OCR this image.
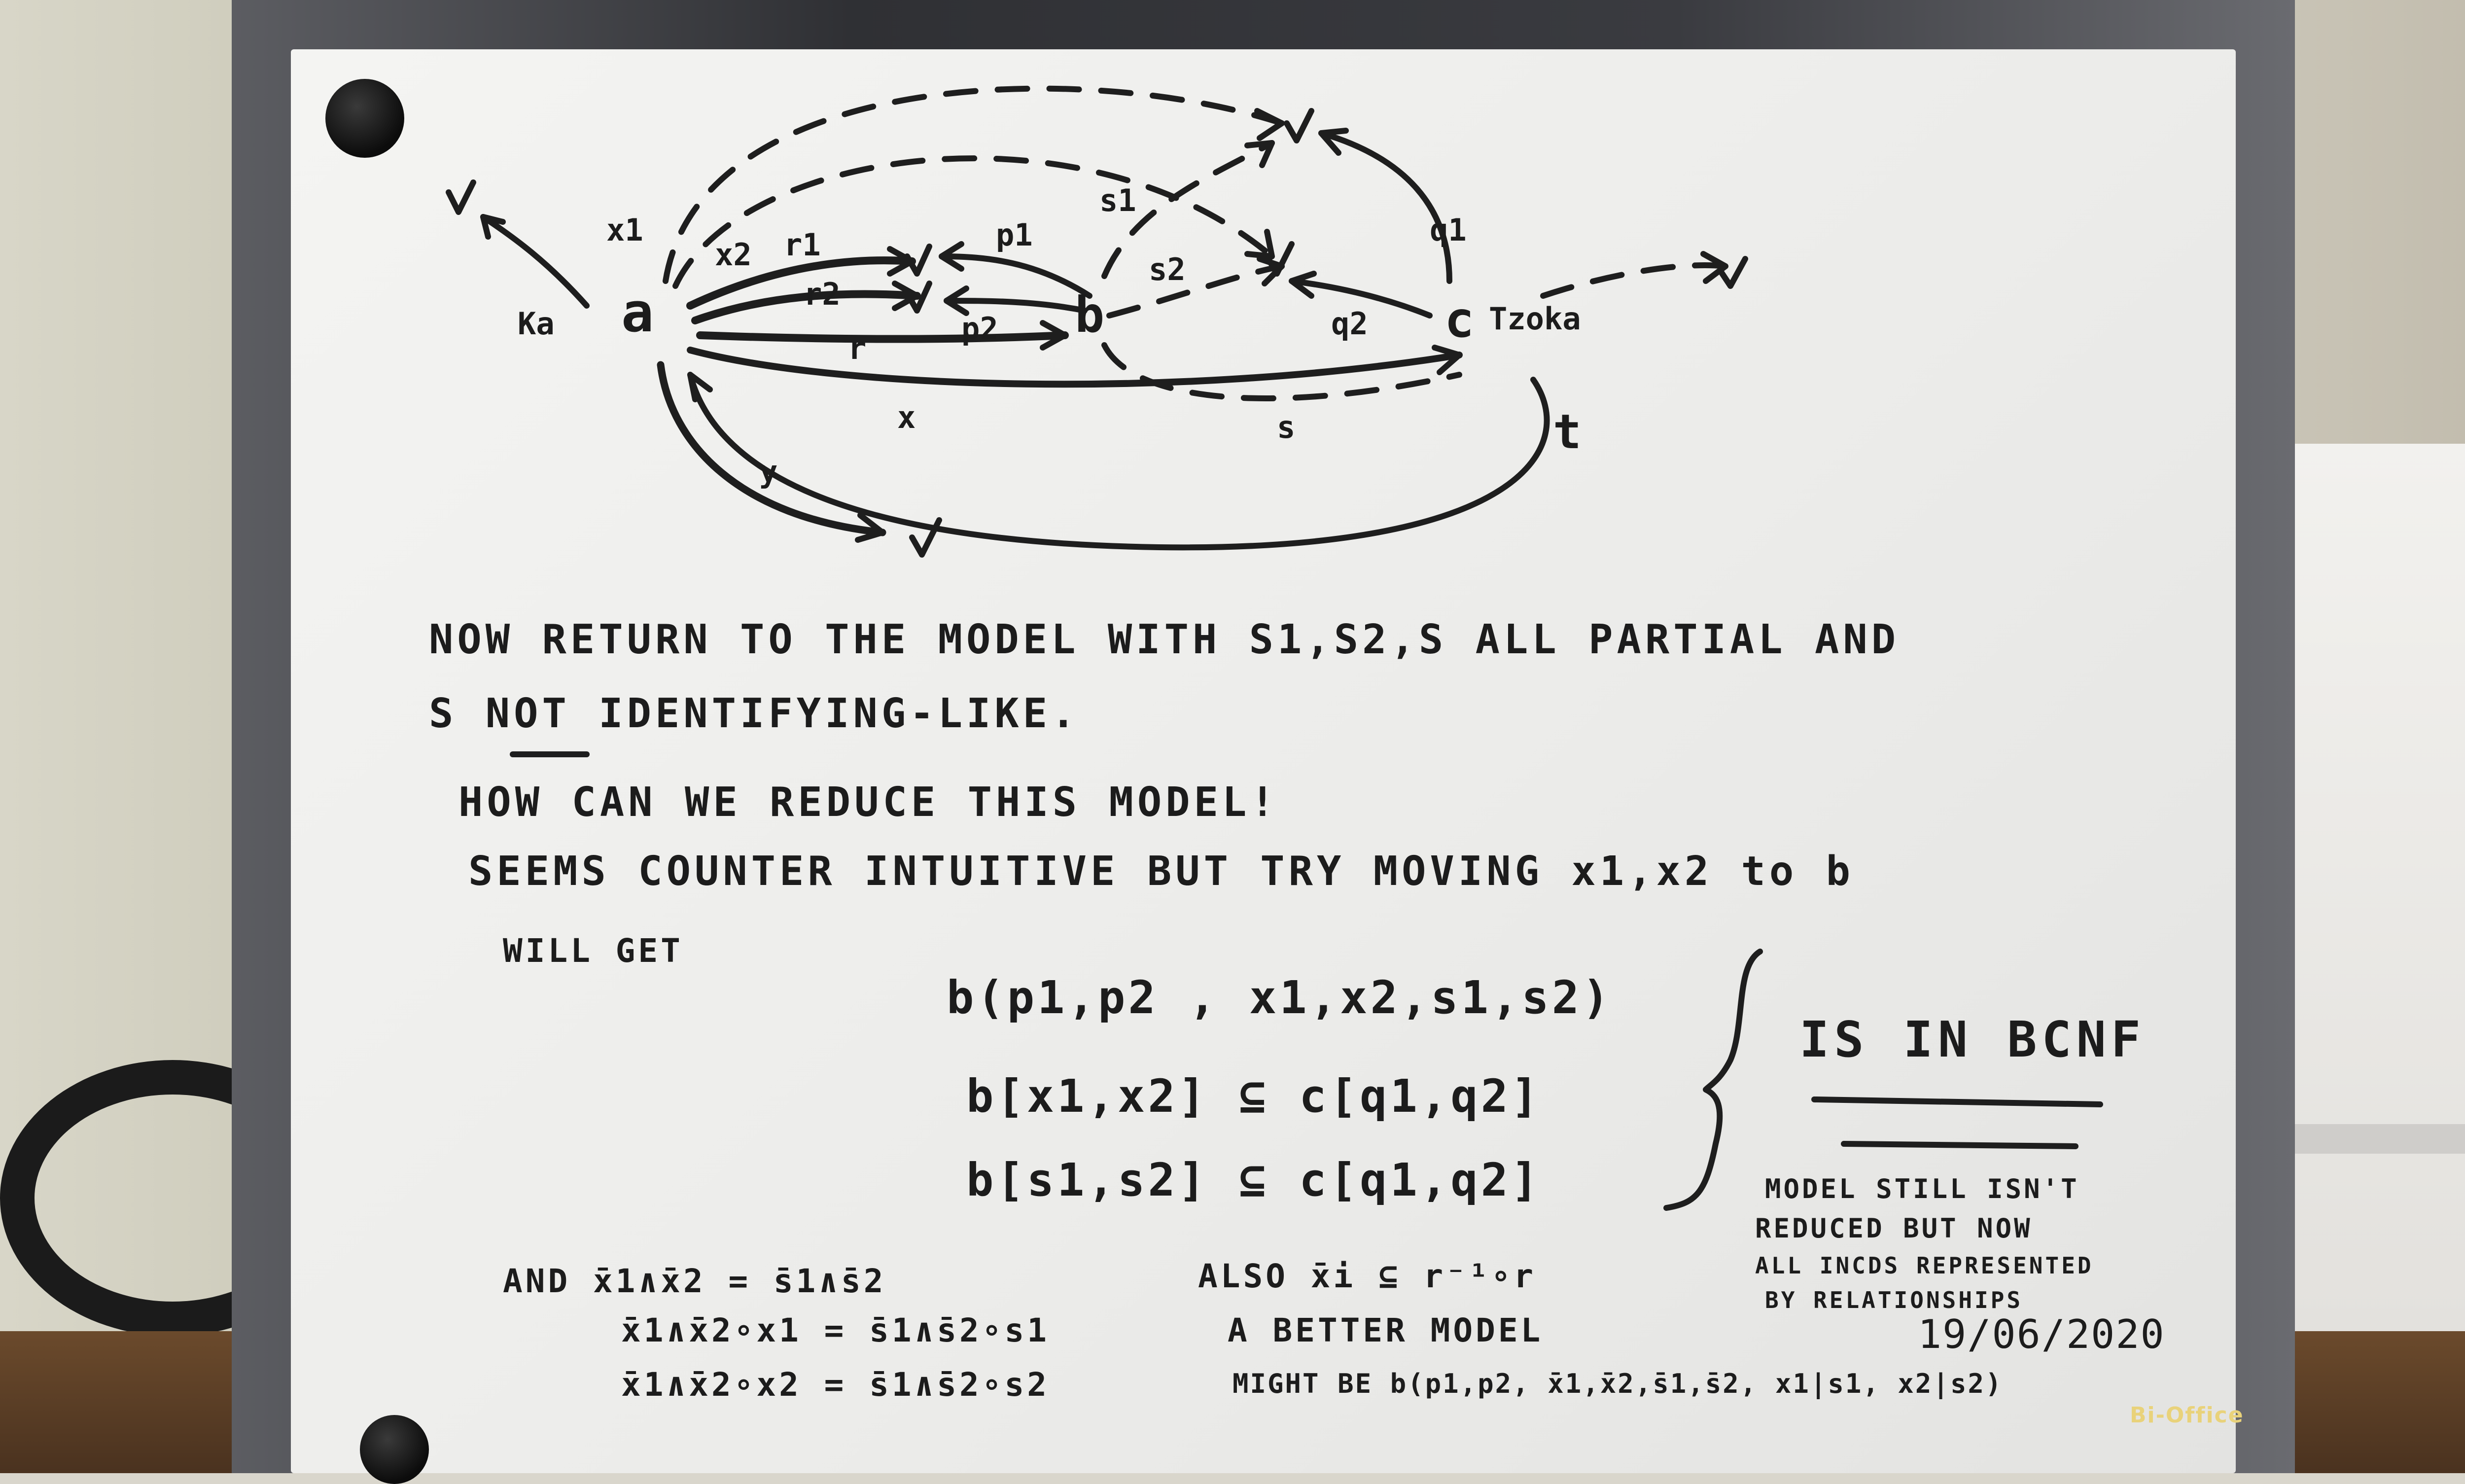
Bi-Office
Ka a
x1
x2 r1
r2
p1
p2
r
b
s1
s2
q1
q2 c Tzoka
x
y
s	t
NOW RETURN TO THE MODEL WITH S1,S2,S ALL PARTIAL AND
S NOT IDENTIFYING-LIKE.
HOW CAN WE REDUCE THIS MODEL!
SEEMS COUNTER INTUITIVE BUT TRY MOVING x1,x2 to b
WILL GET
b(p1,p2 , x1,x2,s1,s2)
b[x1,x2] ⊆ c[q1,q2]
b[s1,s2] ⊆ c[q1,q2]
IS IN BCNF
MODEL STILL ISN'T
REDUCED BUT NOW
ALL INCDS REPRESENTED
BY RELATIONSHIPS
19/06/2020
AND x̄1∧x̄2 = s̄1∧s̄2
x̄1∧x̄2∘x1 = s̄1∧s̄2∘s1
x̄1∧x̄2∘x2 = s̄1∧s̄2∘s2
ALSO x̄i ⊆ r⁻¹∘r
A BETTER MODEL
MIGHT BE b(p1,p2, x̄1,x̄2,s̄1,s̄2, x1|s1, x2|s2)
